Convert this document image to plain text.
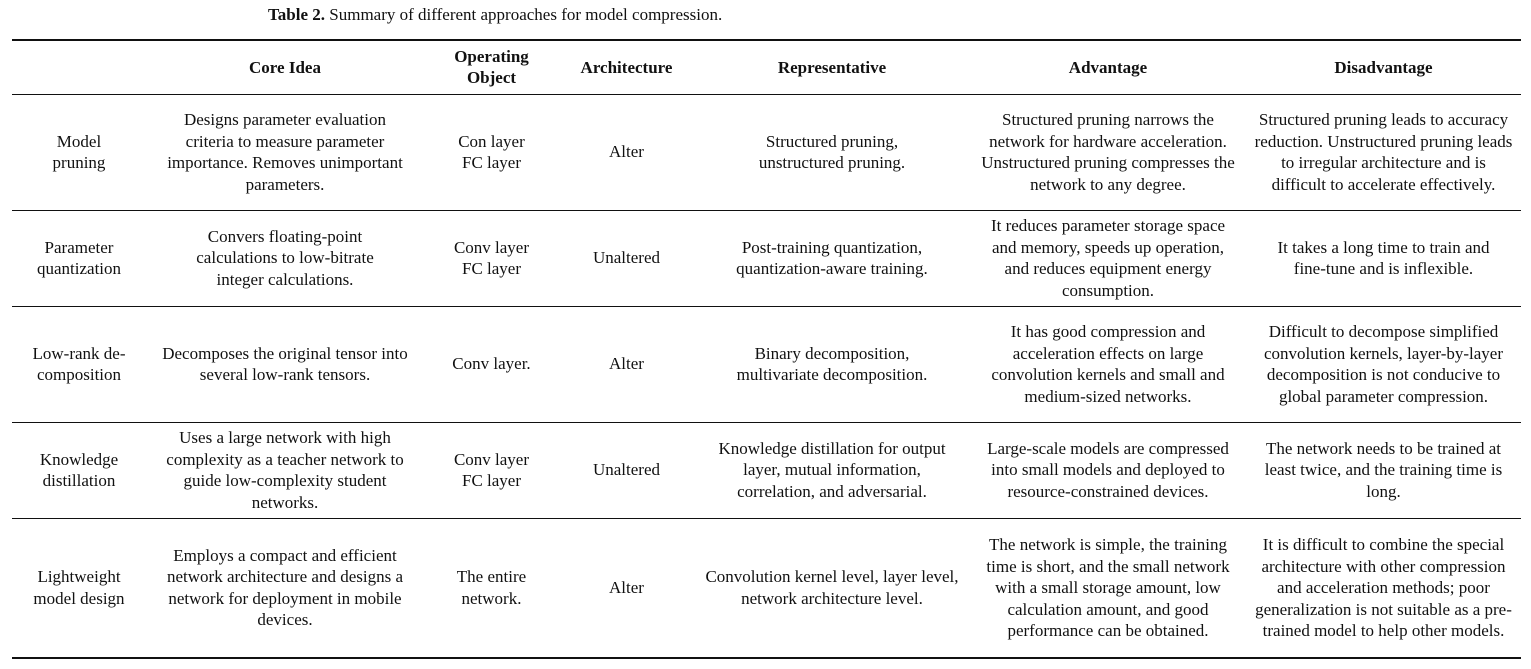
Table 2. Summary of different approaches for model compression.
	Core Idea	Operating Object	Architecture	Representative	Advantage	Disadvantage
Model pruning	Designs parameter evaluation criteria to measure parameter importance. Removes unimportant parameters.	Con layer FC layer	Alter	Structured pruning, unstructured pruning.	Structured pruning narrows the network for hardware acceleration. Unstructured pruning compresses the network to any degree.	Structured pruning leads to accuracy reduction. Unstructured pruning leads to irregular architecture and is difficult to accelerate effectively.
Parameter quantization	Convers floating-point calculations to low-bitrate integer calculations.	Conv layer FC layer	Unaltered	Post-training quantization, quantization-aware training.	It reduces parameter storage space and memory, speeds up operation, and reduces equipment energy consumption.	It takes a long time to train and fine-tune and is inflexible.
Low-rank de-composition	Decomposes the original tensor into several low-rank tensors.	Conv layer.	Alter	Binary decomposition, multivariate decomposition.	It has good compression and acceleration effects on large convolution kernels and small and medium-sized networks.	Difficult to decompose simplified convolution kernels, layer-by-layer decomposition is not conducive to global parameter compression.
Knowledge distillation	Uses a large network with high complexity as a teacher network to guide low-complexity student networks.	Conv layer FC layer	Unaltered	Knowledge distillation for output layer, mutual information, correlation, and adversarial.	Large-scale models are compressed into small models and deployed to resource-constrained devices.	The network needs to be trained at least twice, and the training time is long.
Lightweight model design	Employs a compact and efficient network architecture and designs a network for deployment in mobile devices.	The entire network.	Alter	Convolution kernel level, layer level, network architecture level.	The network is simple, the training time is short, and the small network with a small storage amount, low calculation amount, and good performance can be obtained.	It is difficult to combine the special architecture with other compression and acceleration methods; poor generalization is not suitable as a pre-trained model to help other models.
